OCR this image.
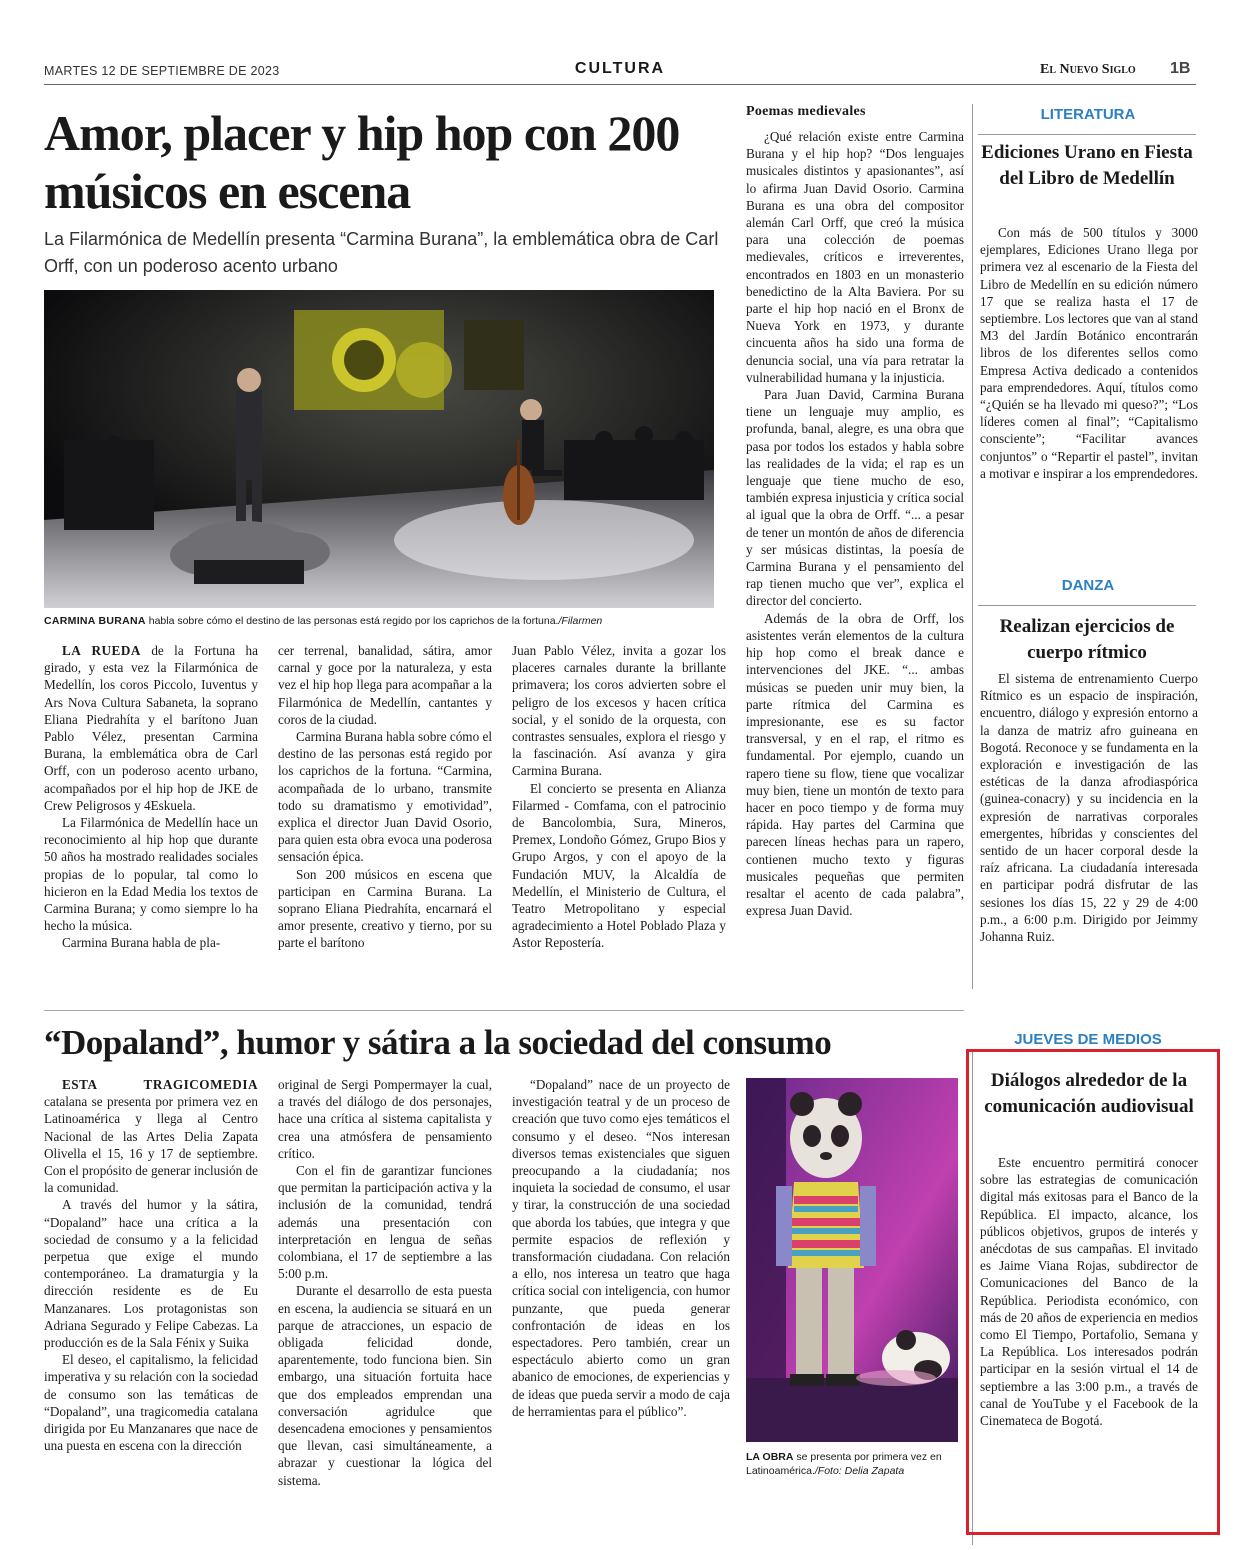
MARTES 12 DE SEPTIEMBRE DE 2023	CULTURA	El Nuevo Siglo 1B
Amor, placer y hip hop con 200 músicos en escena
La Filarmónica de Medellín presenta “Carmina Burana”, la emblemática obra de Carl Orff, con un poderoso acento urbano
CARMINA BURANA habla sobre cómo el destino de las personas está regido por los caprichos de la fortuna./Filarmen

LA RUEDA de la Fortuna ha girado, y esta vez la Filarmónica de Medellín, los coros Piccolo, Iuventus y Ars Nova Cultura Sabaneta, la soprano Eliana Piedrahíta y el barítono Juan Pablo Vélez, presentan Carmina Burana, la emblemática obra de Carl Orff, con un poderoso acento urbano, acompañados por el hip hop de JKE de Crew Peligrosos y 4Eskuela.

La Filarmónica de Medellín hace un reconocimiento al hip hop que durante 50 años ha mostrado realidades sociales propias de lo popular, tal como lo hicieron en la Edad Media los textos de Carmina Burana; y como siempre lo ha hecho la música.

Carmina Burana habla de pla-

cer terrenal, banalidad, sátira, amor carnal y goce por la naturaleza, y esta vez el hip hop llega para acompañar a la Filarmónica de Medellín, cantantes y coros de la ciudad.

Carmina Burana habla sobre cómo el destino de las personas está regido por los caprichos de la fortuna. “Carmina, acompañada de lo urbano, transmite todo su dramatismo y emotividad”, explica el director Juan David Osorio, para quien esta obra evoca una poderosa sensación épica.

Son 200 músicos en escena que participan en Carmina Burana. La soprano Eliana Piedrahíta, encarnará el amor presente, creativo y tierno, por su parte el barítono

Juan Pablo Vélez, invita a gozar los placeres carnales durante la brillante primavera; los coros advierten sobre el peligro de los excesos y hacen crítica social, y el sonido de la orquesta, con contrastes sensuales, explora el riesgo y la fascinación. Así avanza y gira Carmina Burana.

El concierto se presenta en Alianza Filarmed - Comfama, con el patrocinio de Bancolombia, Sura, Mineros, Premex, Londoño Gómez, Grupo Bios y Grupo Argos, y con el apoyo de la Fundación MUV, la Alcaldía de Medellín, el Ministerio de Cultura, el Teatro Metropolitano y especial agradecimiento a Hotel Poblado Plaza y Astor Repostería.

Poemas medievales

¿Qué relación existe entre Carmina Burana y el hip hop? “Dos lenguajes musicales distintos y apasionantes”, así lo afirma Juan David Osorio. Carmina Burana es una obra del compositor alemán Carl Orff, que creó la música para una colección de poemas medievales, críticos e irreverentes, encontrados en 1803 en un monasterio benedictino de la Alta Baviera. Por su parte el hip hop nació en el Bronx de Nueva York en 1973, y durante cincuenta años ha sido una forma de denuncia social, una vía para retratar la vulnerabilidad humana y la injusticia.

Para Juan David, Carmina Burana tiene un lenguaje muy amplio, es profunda, banal, alegre, es una obra que pasa por todos los estados y habla sobre las realidades de la vida; el rap es un lenguaje que tiene mucho de eso, también expresa injusticia y crítica social al igual que la obra de Orff. “... a pesar de tener un montón de años de diferencia y ser músicas distintas, la poesía de Carmina Burana y el pensamiento del rap tienen mucho que ver”, explica el director del concierto.

Además de la obra de Orff, los asistentes verán elementos de la cultura hip hop como el break dance e intervenciones del JKE. “... ambas músicas se pueden unir muy bien, la parte rítmica del Carmina es impresionante, ese es su factor transversal, y en el rap, el ritmo es fundamental. Por ejemplo, cuando un rapero tiene su flow, tiene que vocalizar muy bien, tiene un montón de texto para hacer en poco tiempo y de forma muy rápida. Hay partes del Carmina que parecen líneas hechas para un rapero, contienen mucho texto y figuras musicales pequeñas que permiten resaltar el acento de cada palabra”, expresa Juan David.

LITERATURA
Ediciones Urano en Fiesta del Libro de Medellín

Con más de 500 títulos y 3000 ejemplares, Ediciones Urano llega por primera vez al escenario de la Fiesta del Libro de Medellín en su edición número 17 que se realiza hasta el 17 de septiembre. Los lectores que van al stand M3 del Jardín Botánico encontrarán libros de los diferentes sellos como Empresa Activa dedicado a contenidos para emprendedores. Aquí, títulos como “¿Quién se ha llevado mi queso?”; “Los líderes comen al final”; “Capitalismo consciente”; “Facilitar avances conjuntos” o “Repartir el pastel”, invitan a motivar e inspirar a los emprendedores.

DANZA
Realizan ejercicios de cuerpo rítmico

El sistema de entrenamiento Cuerpo Rítmico es un espacio de inspiración, encuentro, diálogo y expresión entorno a la danza de matriz afro guineana en Bogotá. Reconoce y se fundamenta en la exploración e investigación de las estéticas de la danza afrodiaspórica (guinea-conacry) y su incidencia en la expresión de narrativas corporales emergentes, híbridas y conscientes del sentido de un hacer corporal desde la raíz africana. La ciudadanía interesada en participar podrá disfrutar de las sesiones los días 15, 22 y 29 de 4:00 p.m., a 6:00 p.m. Dirigido por Jeimmy Johanna Ruiz.

JUEVES DE MEDIOS
Diálogos alrededor de la comunicación audiovisual

Este encuentro permitirá conocer sobre las estrategias de comunicación digital más exitosas para el Banco de la República. El impacto, alcance, los públicos objetivos, grupos de interés y anécdotas de sus campañas. El invitado es Jaime Viana Rojas, subdirector de Comunicaciones del Banco de la República. Periodista económico, con más de 20 años de experiencia en medios como El Tiempo, Portafolio, Semana y La República. Los interesados podrán participar en la sesión virtual el 14 de septiembre a las 3:00 p.m., a través de canal de YouTube y el Facebook de la Cinemateca de Bogotá.

“Dopaland”, humor y sátira a la sociedad del consumo

ESTA TRAGICOMEDIA catalana se presenta por primera vez en Latinoamérica y llega al Centro Nacional de las Artes Delia Zapata Olivella el 15, 16 y 17 de septiembre. Con el propósito de generar inclusión de la comunidad.

A través del humor y la sátira, “Dopaland” hace una crítica a la sociedad de consumo y a la felicidad perpetua que exige el mundo contemporáneo. La dramaturgia y la dirección residente es de Eu Manzanares. Los protagonistas son Adriana Segurado y Felipe Cabezas. La producción es de la Sala Fénix y Suika

El deseo, el capitalismo, la felicidad imperativa y su relación con la sociedad de consumo son las temáticas de “Dopaland”, una tragicomedia catalana dirigida por Eu Manzanares que nace de una puesta en escena con la dirección

original de Sergi Pompermayer la cual, a través del diálogo de dos personajes, hace una crítica al sistema capitalista y crea una atmósfera de pensamiento crítico.

Con el fin de garantizar funciones que permitan la participación activa y la inclusión de la comunidad, tendrá además una presentación con interpretación en lengua de señas colombiana, el 17 de septiembre a las 5:00 p.m.

Durante el desarrollo de esta puesta en escena, la audiencia se situará en un parque de atracciones, un espacio de obligada felicidad donde, aparentemente, todo funciona bien. Sin embargo, una situación fortuita hace que dos empleados emprendan una conversación agridulce que desencadena emociones y pensamientos que llevan, casi simultáneamente, a abrazar y cuestionar la lógica del sistema.

“Dopaland” nace de un proyecto de investigación teatral y de un proceso de creación que tuvo como ejes temáticos el consumo y el deseo. “Nos interesan diversos temas existenciales que siguen preocupando a la ciudadanía; nos inquieta la sociedad de consumo, el usar y tirar, la construcción de una sociedad que aborda los tabúes, que integra y que permite espacios de reflexión y transformación ciudadana. Con relación a ello, nos interesa un teatro que haga crítica social con inteligencia, con humor punzante, que pueda generar confrontación de ideas en los espectadores. Pero también, crear un espectáculo abierto como un gran abanico de emociones, de experiencias y de ideas que pueda servir a modo de caja de herramientas para el público”.

LA OBRA se presenta por primera vez en Latinoamérica./Foto: Delia Zapata
